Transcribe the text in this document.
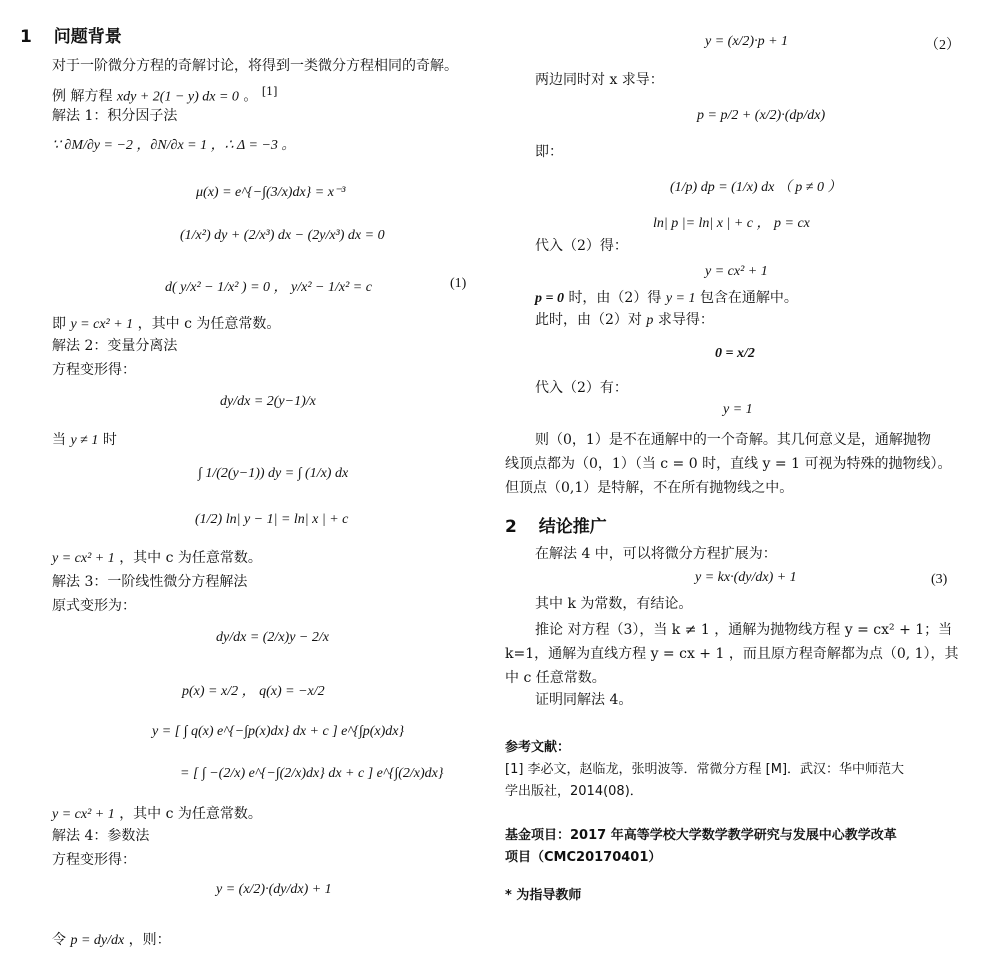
1 问题背景
对于一阶微分方程的奇解讨论，将得到一类微分方程相同的奇解。
例 解方程 xdy + 2(1 − y) dx = 0 。 [1]
解法 1：积分因子法
∵ ∂M/∂y = −2 ，∂N/∂x = 1 ，∴ Δ = −3 。
μ(x) = e^{−∫(3/x)dx} = x⁻³
(1/x²) dy + (2/x³) dx − (2y/x³) dx = 0
d( y/x² − 1/x² ) = 0 ， y/x² − 1/x² = c	(1)
即 y = cx² + 1 ，其中 c 为任意常数。
解法 2：变量分离法
方程变形得：
dy/dx = 2(y−1)/x
当 y ≠ 1 时
∫ 1/(2(y−1)) dy = ∫ (1/x) dx
(1/2) ln| y − 1| = ln| x | + c
y = cx² + 1 ，其中 c 为任意常数。
解法 3：一阶线性微分方程解法
原式变形为：
dy/dx = (2/x)y − 2/x
p(x) = x/2 ， q(x) = −x/2
y = [ ∫ q(x) e^{−∫p(x)dx} dx + c ] e^{∫p(x)dx}
= [ ∫ −(2/x) e^{−∫(2/x)dx} dx + c ] e^{∫(2/x)dx}
y = cx² + 1 ，其中 c 为任意常数。
解法 4：参数法
方程变形得：
y = (x/2)·(dy/dx) + 1
令 p = dy/dx ，则：
y = (x/2)·p + 1	（2）
两边同时对 x 求导：
p = p/2 + (x/2)·(dp/dx)
即：
(1/p) dp = (1/x) dx （ p ≠ 0 ）
ln| p |= ln| x | + c ， p = cx
代入（2）得：
y = cx² + 1
p = 0 时，由（2）得 y = 1 包含在通解中。
此时，由（2）对 p 求导得：
0 = x/2
代入（2）有：
y = 1
则（0，1）是不在通解中的一个奇解。其几何意义是，通解抛物
线顶点都为（0，1）（当 c = 0 时，直线 y = 1 可视为特殊的抛物线）。
但顶点（0,1）是特解，不在所有抛物线之中。
2 结论推广
在解法 4 中，可以将微分方程扩展为：
y = kx·(dy/dx) + 1	(3)
其中 k 为常数，有结论。
推论 对方程（3），当 k ≠ 1 ，通解为抛物线方程 y = cx² + 1；当
k=1，通解为直线方程 y = cx + 1 ，而且原方程奇解都为点（0, 1），其
中 c 任意常数。
证明同解法 4。
参考文献：
[1] 李必文，赵临龙，张明波等．常微分方程 [M]．武汉：华中师范大
学出版社，2014(08)．
基金项目：2017 年高等学校大学数学教学研究与发展中心教学改革
项目（CMC20170401）
* 为指导教师
